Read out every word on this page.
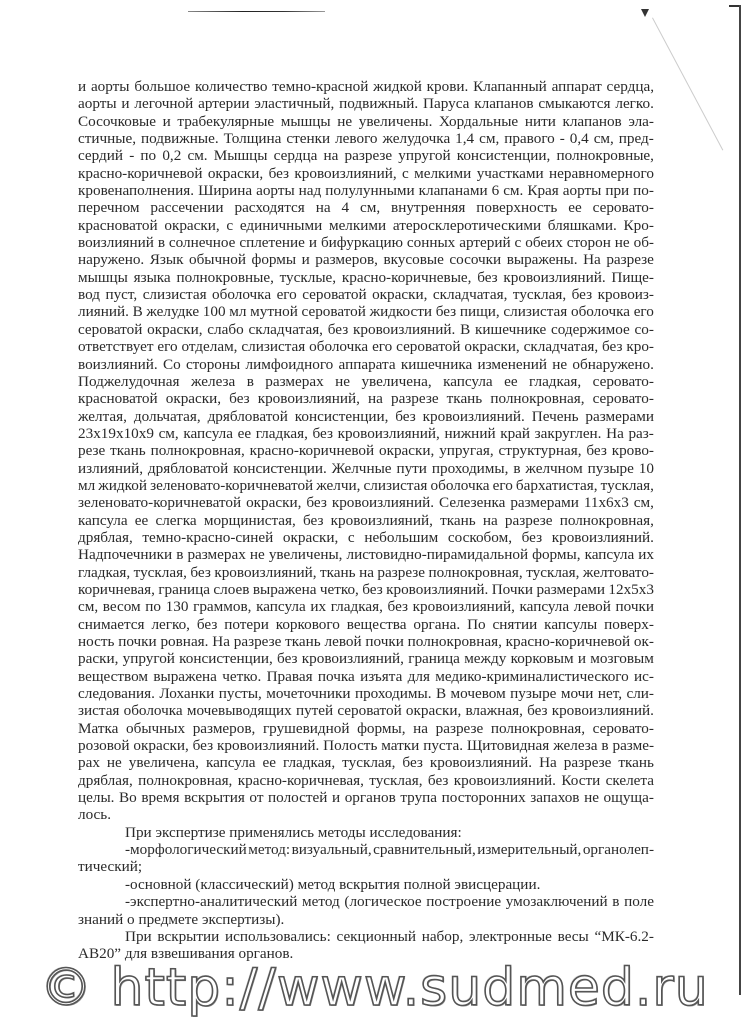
и аорты большое количество темно-красной жидкой крови. Клапанный аппарат сердца,
аорты и легочной артерии эластичный, подвижный. Паруса клапанов смыкаются легко.
Сосочковые и трабекулярные мышцы не увеличены. Хордальные нити клапанов эла-
стичные, подвижные. Толщина стенки левого желудочка 1,4 см, правого - 0,4 см, пред-
сердий - по 0,2 см. Мышцы сердца на разрезе упругой консистенции, полнокровные,
красно-коричневой окраски, без кровоизлияний, с мелкими участками неравномерного
кровенаполнения. Ширина аорты над полулунными клапанами 6 см. Края аорты при по-
перечном рассечении расходятся на 4 см, внутренняя поверхность ее серовато-
красноватой окраски, с единичными мелкими атеросклеротическими бляшками. Кро-
воизлияний в солнечное сплетение и бифуркацию сонных артерий с обеих сторон не об-
наружено. Язык обычной формы и размеров, вкусовые сосочки выражены. На разрезе
мышцы языка полнокровные, тусклые, красно-коричневые, без кровоизлияний. Пище-
вод пуст, слизистая оболочка его сероватой окраски, складчатая, тусклая, без кровоиз-
лияний. В желудке 100 мл мутной сероватой жидкости без пищи, слизистая оболочка его
сероватой окраски, слабо складчатая, без кровоизлияний. В кишечнике содержимое со-
ответствует его отделам, слизистая оболочка его сероватой окраски, складчатая, без кро-
воизлияний. Со стороны лимфоидного аппарата кишечника изменений не обнаружено.
Поджелудочная железа в размерах не увеличена, капсула ее гладкая, серовато-
красноватой окраски, без кровоизлияний, на разрезе ткань полнокровная, серовато-
желтая, дольчатая, дрябловатой консистенции, без кровоизлияний. Печень размерами
23х19х10х9 см, капсула ее гладкая, без кровоизлияний, нижний край закруглен. На раз-
резе ткань полнокровная, красно-коричневой окраски, упругая, структурная, без крово-
излияний, дрябловатой консистенции. Желчные пути проходимы, в желчном пузыре 10
мл жидкой зеленовато-коричневатой желчи, слизистая оболочка его бархатистая, тусклая,
зеленовато-коричневатой окраски, без кровоизлияний. Селезенка размерами 11х6х3 см,
капсула ее слегка морщинистая, без кровоизлияний, ткань на разрезе полнокровная,
дряблая, темно-красно-синей окраски, с небольшим соскобом, без кровоизлияний.
Надпочечники в размерах не увеличены, листовидно-пирамидальной формы, капсула их
гладкая, тусклая, без кровоизлияний, ткань на разрезе полнокровная, тусклая, желтовато-
коричневая, граница слоев выражена четко, без кровоизлияний. Почки размерами 12х5х3
см, весом по 130 граммов, капсула их гладкая, без кровоизлияний, капсула левой почки
снимается легко, без потери коркового вещества органа. По снятии капсулы поверх-
ность почки ровная. На разрезе ткань левой почки полнокровная, красно-коричневой ок-
раски, упругой консистенции, без кровоизлияний, граница между корковым и мозговым
веществом выражена четко. Правая почка изъята для медико-криминалистического ис-
следования. Лоханки пусты, мочеточники проходимы. В мочевом пузыре мочи нет, сли-
зистая оболочка мочевыводящих путей сероватой окраски, влажная, без кровоизлияний.
Матка обычных размеров, грушевидной формы, на разрезе полнокровная, серовато-
розовой окраски, без кровоизлияний. Полость матки пуста. Щитовидная железа в разме-
рах не увеличена, капсула ее гладкая, тусклая, без кровоизлияний. На разрезе ткань
дряблая, полнокровная, красно-коричневая, тусклая, без кровоизлияний. Кости скелета
целы. Во время вскрытия от полостей и органов трупа посторонних запахов не ощуща-
лось.
При экспертизе применялись методы исследования:
-морфологический метод: визуальный, сравнительный, измерительный, органолеп-
тический;
-основной (классический) метод вскрытия полной эвисцерации.
-экспертно-аналитический метод (логическое построение умозаключений в поле
знаний о предмете экспертизы).
При вскрытии использовались: секционный набор, электронные весы “МК-6.2-
АВ20” для взвешивания органов.
© http://www.sudmed.ru
